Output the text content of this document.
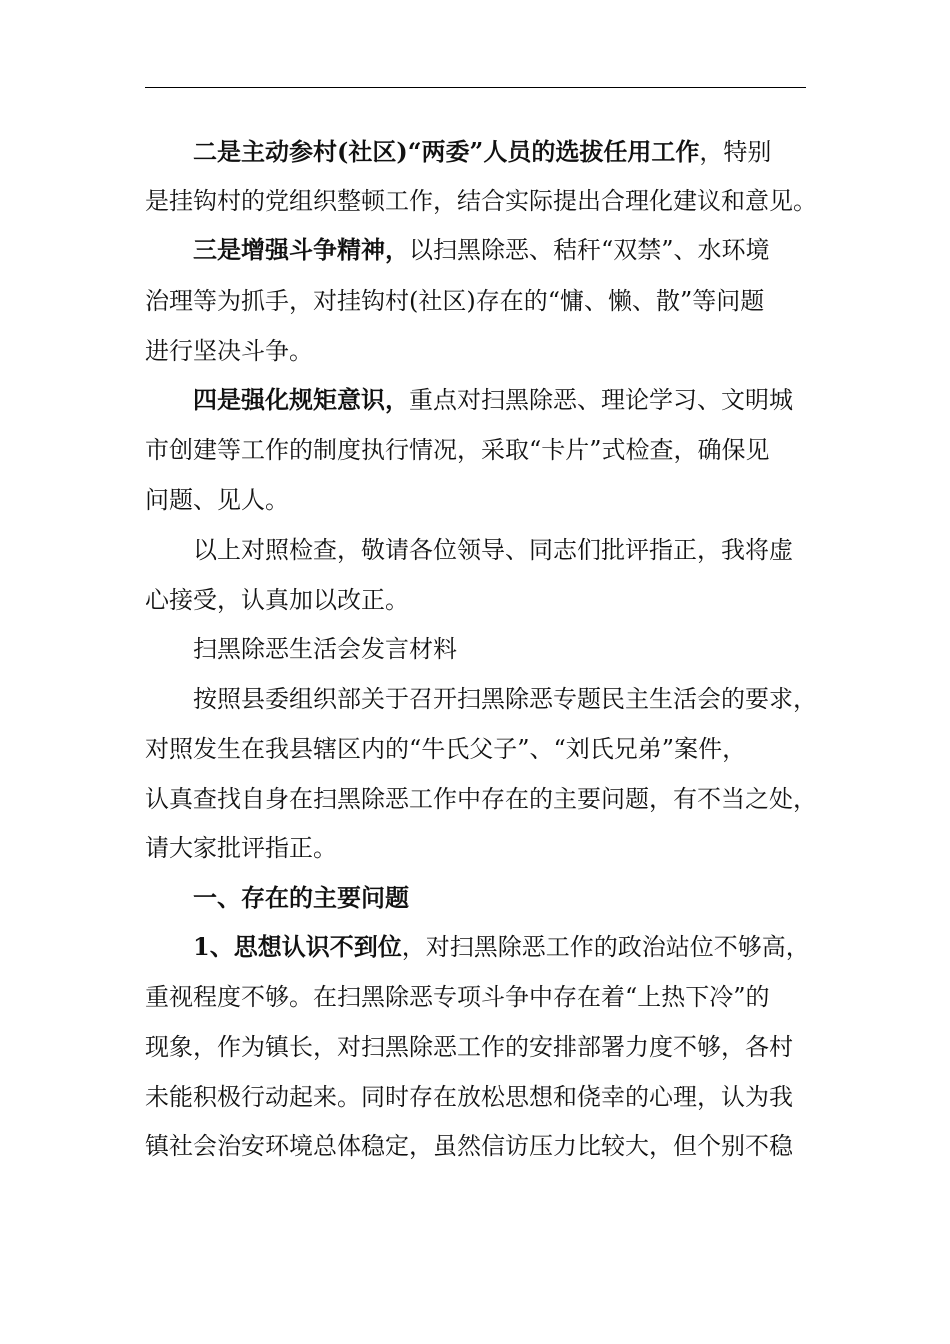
二是主动参村(社区)“两委”人员的选拔任用工作，特别
是挂钩村的党组织整顿工作，结合实际提出合理化建议和意见。
三是增强斗争精神，以扫黑除恶、秸秆“双禁”、水环境
治理等为抓手，对挂钩村(社区)存在的“慵、懒、散”等问题
进行坚决斗争。
四是强化规矩意识，重点对扫黑除恶、理论学习、文明城
市创建等工作的制度执行情况，采取“卡片”式检查，确保见
问题、见人。
以上对照检查，敬请各位领导、同志们批评指正，我将虚
心接受，认真加以改正。
扫黑除恶生活会发言材料
按照县委组织部关于召开扫黑除恶专题民主生活会的要求，
对照发生在我县辖区内的“牛氏父子”、“刘氏兄弟”案件，
认真查找自身在扫黑除恶工作中存在的主要问题，有不当之处，
请大家批评指正。
一、存在的主要问题
1、思想认识不到位，对扫黑除恶工作的政治站位不够高，
重视程度不够。在扫黑除恶专项斗争中存在着“上热下冷”的
现象，作为镇长，对扫黑除恶工作的安排部署力度不够，各村
未能积极行动起来。同时存在放松思想和侥幸的心理，认为我
镇社会治安环境总体稳定，虽然信访压力比较大，但个别不稳
